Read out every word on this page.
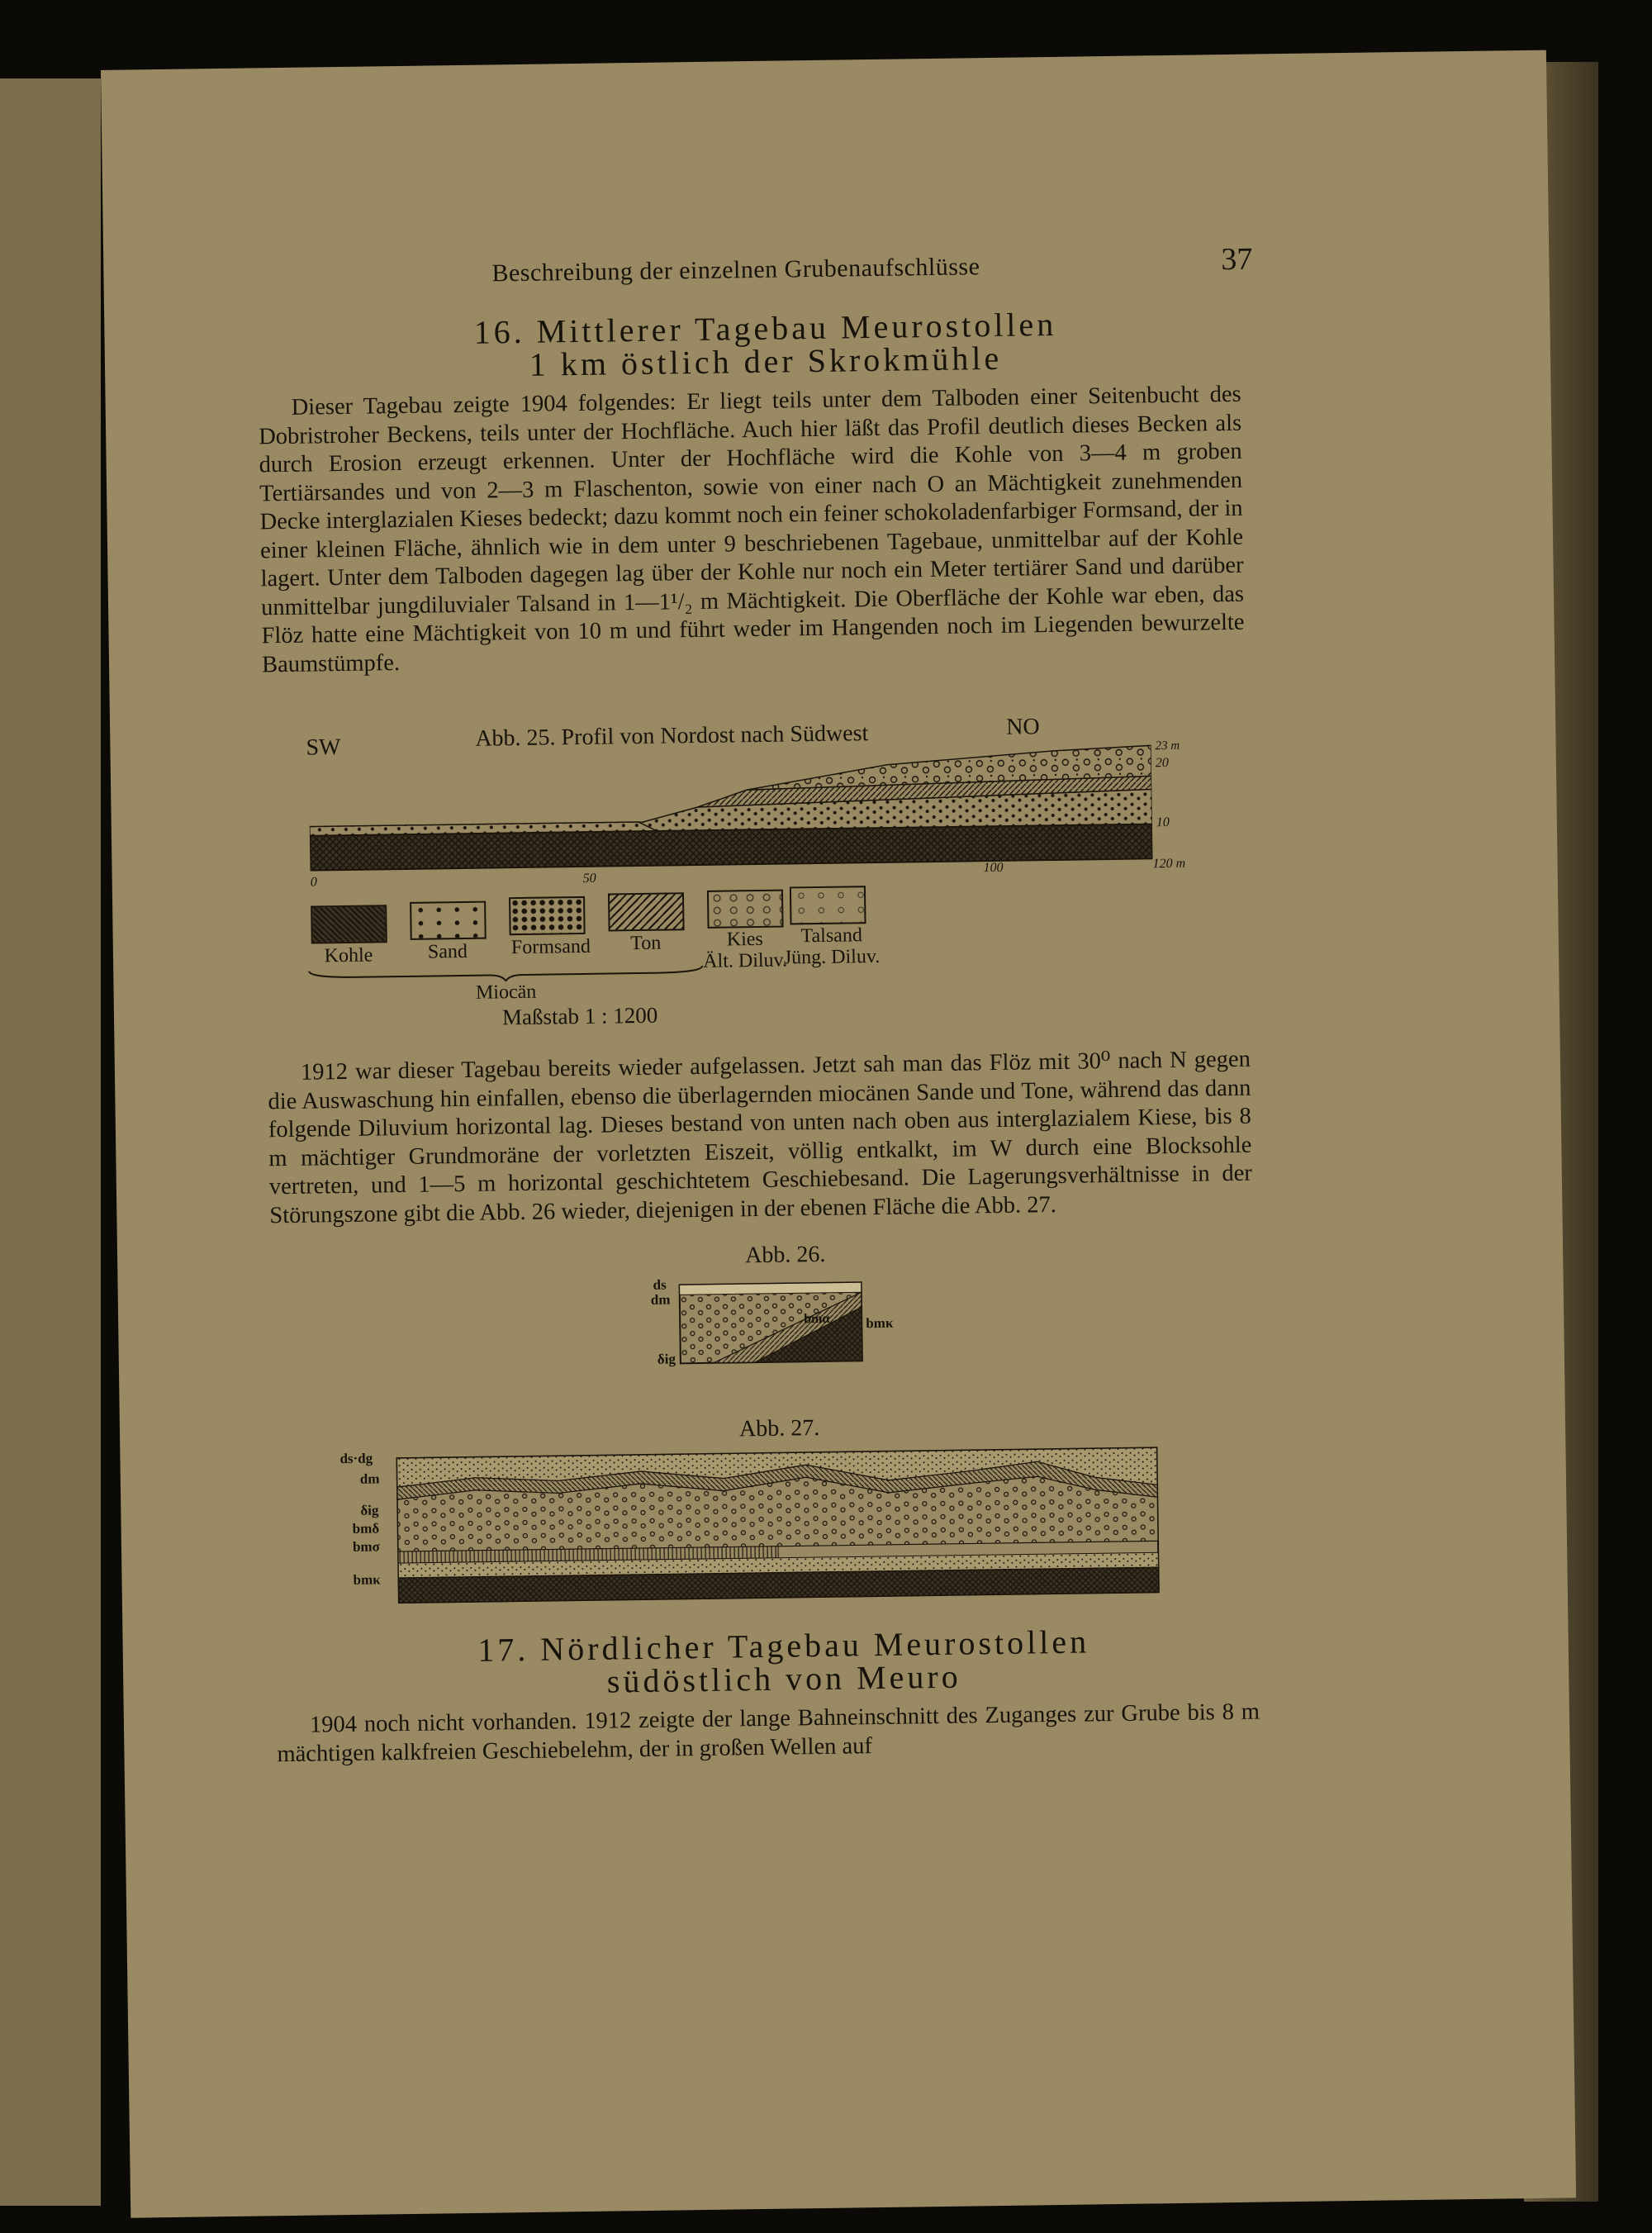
Beschreibung der einzelnen Grubenaufschlüsse	37
16. Mittlerer Tagebau Meurostollen
1 km östlich der Skrokmühle
Dieser Tagebau zeigte 1904 folgendes: Er liegt teils unter dem Talboden einer Seitenbucht des Dobristroher Beckens, teils unter der Hochfläche. Auch hier läßt das Profil deutlich dieses Becken als durch Erosion erzeugt erkennen. Unter der Hochfläche wird die Kohle von 3—4 m groben Tertiärsandes und von 2—3 m Flaschenton, sowie von einer nach O an Mächtigkeit zunehmenden Decke interglazialen Kieses bedeckt; dazu kommt noch ein feiner schokoladenfarbiger Formsand, der in einer kleinen Fläche, ähnlich wie in dem unter 9 beschriebenen Tagebaue, unmittelbar auf der Kohle lagert. Unter dem Talboden dagegen lag über der Kohle nur noch ein Meter tertiärer Sand und darüber unmittelbar jungdiluvialer Talsand in 1—1¹/₂ m Mächtigkeit. Die Oberfläche der Kohle war eben, das Flöz hatte eine Mächtigkeit von 10 m und führt weder im Hangenden noch im Liegenden bewurzelte Baumstümpfe.
SW	Abb. 25. Profil von Nordost nach Südwest	NO
23 m
20
10
0	50
100	120 m
Kohle	Sand	Formsand	Ton	Kies
Ält. Diluv.
Talsand
Jüng. Diluv.
Miocän
Maßstab 1 : 1200
1912 war dieser Tagebau bereits wieder aufgelassen. Jetzt sah man das Flöz mit 30⁰ nach N gegen die Auswaschung hin einfallen, ebenso die überlagernden miocänen Sande und Tone, während das dann folgende Diluvium horizontal lag. Dieses bestand von unten nach oben aus interglazialem Kiese, bis 8 m mächtiger Grundmoräne der vorletzten Eiszeit, völlig entkalkt, im W durch eine Blocksohle vertreten, und 1—5 m horizontal geschichtetem Geschiebesand. Die Lagerungsverhältnisse in der Störungszone gibt die Abb. 26 wieder, diejenigen in der ebenen Fläche die Abb. 27.
Abb. 26.
ds
dm
δig
bmα	bmκ
Abb. 27.
ds·dg
dm
δig
bmδ
bmσ
bmκ
17. Nördlicher Tagebau Meurostollen
südöstlich von Meuro
1904 noch nicht vorhanden. 1912 zeigte der lange Bahneinschnitt des Zuganges zur Grube bis 8 m mächtigen kalkfreien Geschiebelehm, der in großen Wellen auf
